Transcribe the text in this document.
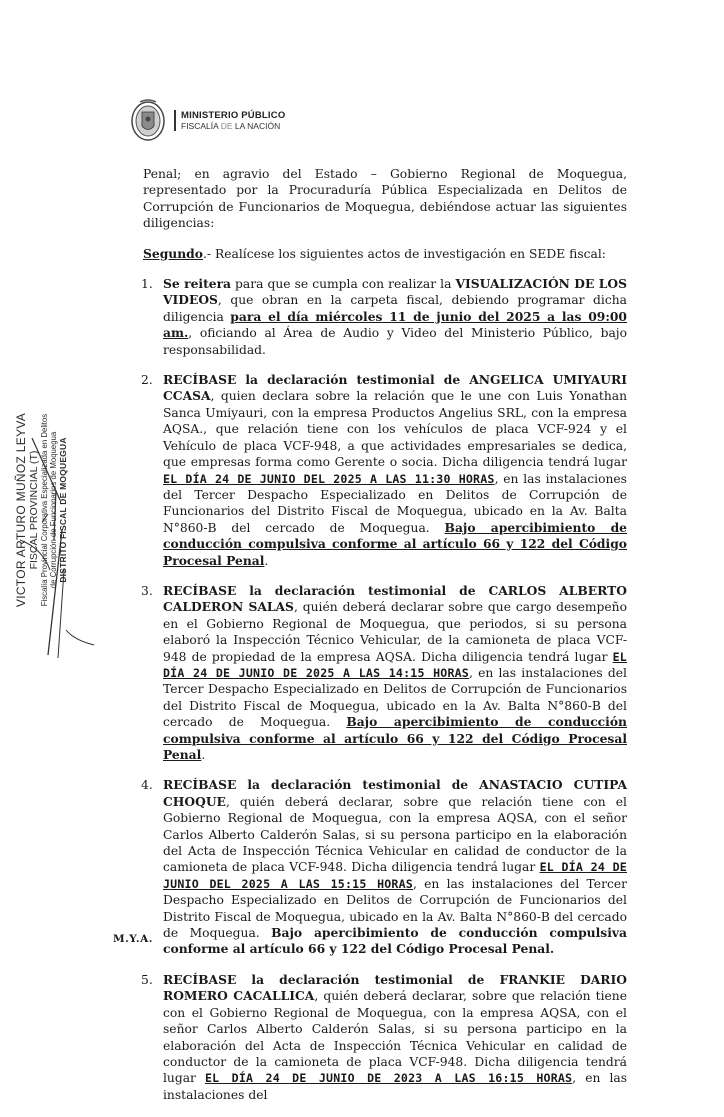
MINISTERIO PÚBLICO
FISCALÍA DE LA NACIÓN
VICTOR ARTURO MUÑOZ LEYVA FISCAL PROVINCIAL (T) Fiscalía Provincial Corporativa Especializada en Delitos de Corrupción de Funcionarios de Moquegua DISTRITO FISCAL DE MOQUEGUA

Penal; en agravio del Estado – Gobierno Regional de Moquegua, representado por la Procuraduría Pública Especializada en Delitos de Corrupción de Funcionarios de Moquegua, debiéndose actuar las siguientes diligencias:

Segundo.- Realícese los siguientes actos de investigación en SEDE fiscal:

1. Se reitera para que se cumpla con realizar la VISUALIZACIÓN DE LOS VIDEOS, que obran en la carpeta fiscal, debiendo programar dicha diligencia para el día miércoles 11 de junio del 2025 a las 09:00 am., oficiando al Área de Audio y Video del Ministerio Público, bajo responsabilidad.

2. RECÍBASE la declaración testimonial de ANGELICA UMIYAURI CCASA, quien declara sobre la relación que le une con Luis Yonathan Sanca Umiyauri, con la empresa Productos Angelius SRL, con la empresa AQSA., que relación tiene con los vehículos de placa VCF-924 y el Vehículo de placa VCF-948, a que actividades empresariales se dedica, que empresas forma como Gerente o socia. Dicha diligencia tendrá lugar EL DÍA 24 DE JUNIO DEL 2025 A LAS 11:30 HORAS, en las instalaciones del Tercer Despacho Especializado en Delitos de Corrupción de Funcionarios del Distrito Fiscal de Moquegua, ubicado en la Av. Balta N°860-B del cercado de Moquegua. Bajo apercibimiento de conducción compulsiva conforme al artículo 66 y 122 del Código Procesal Penal.

3. RECÍBASE la declaración testimonial de CARLOS ALBERTO CALDERON SALAS, quién deberá declarar sobre que cargo desempeño en el Gobierno Regional de Moquegua, que periodos, si su persona elaboró la Inspección Técnico Vehicular, de la camioneta de placa VCF-948 de propiedad de la empresa AQSA. Dicha diligencia tendrá lugar EL DÍA 24 DE JUNIO DE 2025 A LAS 14:15 HORAS, en las instalaciones del Tercer Despacho Especializado en Delitos de Corrupción de Funcionarios del Distrito Fiscal de Moquegua, ubicado en la Av. Balta N°860-B del cercado de Moquegua. Bajo apercibimiento de conducción compulsiva conforme al artículo 66 y 122 del Código Procesal Penal.

4. RECÍBASE la declaración testimonial de ANASTACIO CUTIPA CHOQUE, quién deberá declarar, sobre que relación tiene con el Gobierno Regional de Moquegua, con la empresa AQSA, con el señor Carlos Alberto Calderón Salas, si su persona participo en la elaboración del Acta de Inspección Técnica Vehicular en calidad de conductor de la camioneta de placa VCF-948. Dicha diligencia tendrá lugar EL DÍA 24 DE JUNIO DEL 2025 A LAS 15:15 HORAS, en las instalaciones del Tercer Despacho Especializado en Delitos de Corrupción de Funcionarios del Distrito Fiscal de Moquegua, ubicado en la Av. Balta N°860-B del cercado de Moquegua. Bajo apercibimiento de conducción compulsiva conforme al artículo 66 y 122 del Código Procesal Penal.

5. RECÍBASE la declaración testimonial de FRANKIE DARIO ROMERO CACALLICA, quién deberá declarar, sobre que relación tiene con el Gobierno Regional de Moquegua, con la empresa AQSA, con el señor Carlos Alberto Calderón Salas, si su persona participo en la elaboración del Acta de Inspección Técnica Vehicular en calidad de conductor de la camioneta de placa VCF-948. Dicha diligencia tendrá lugar EL DÍA 24 DE JUNIO DE 2023 A LAS 16:15 HORAS, en las instalaciones del

M.Y.A.
